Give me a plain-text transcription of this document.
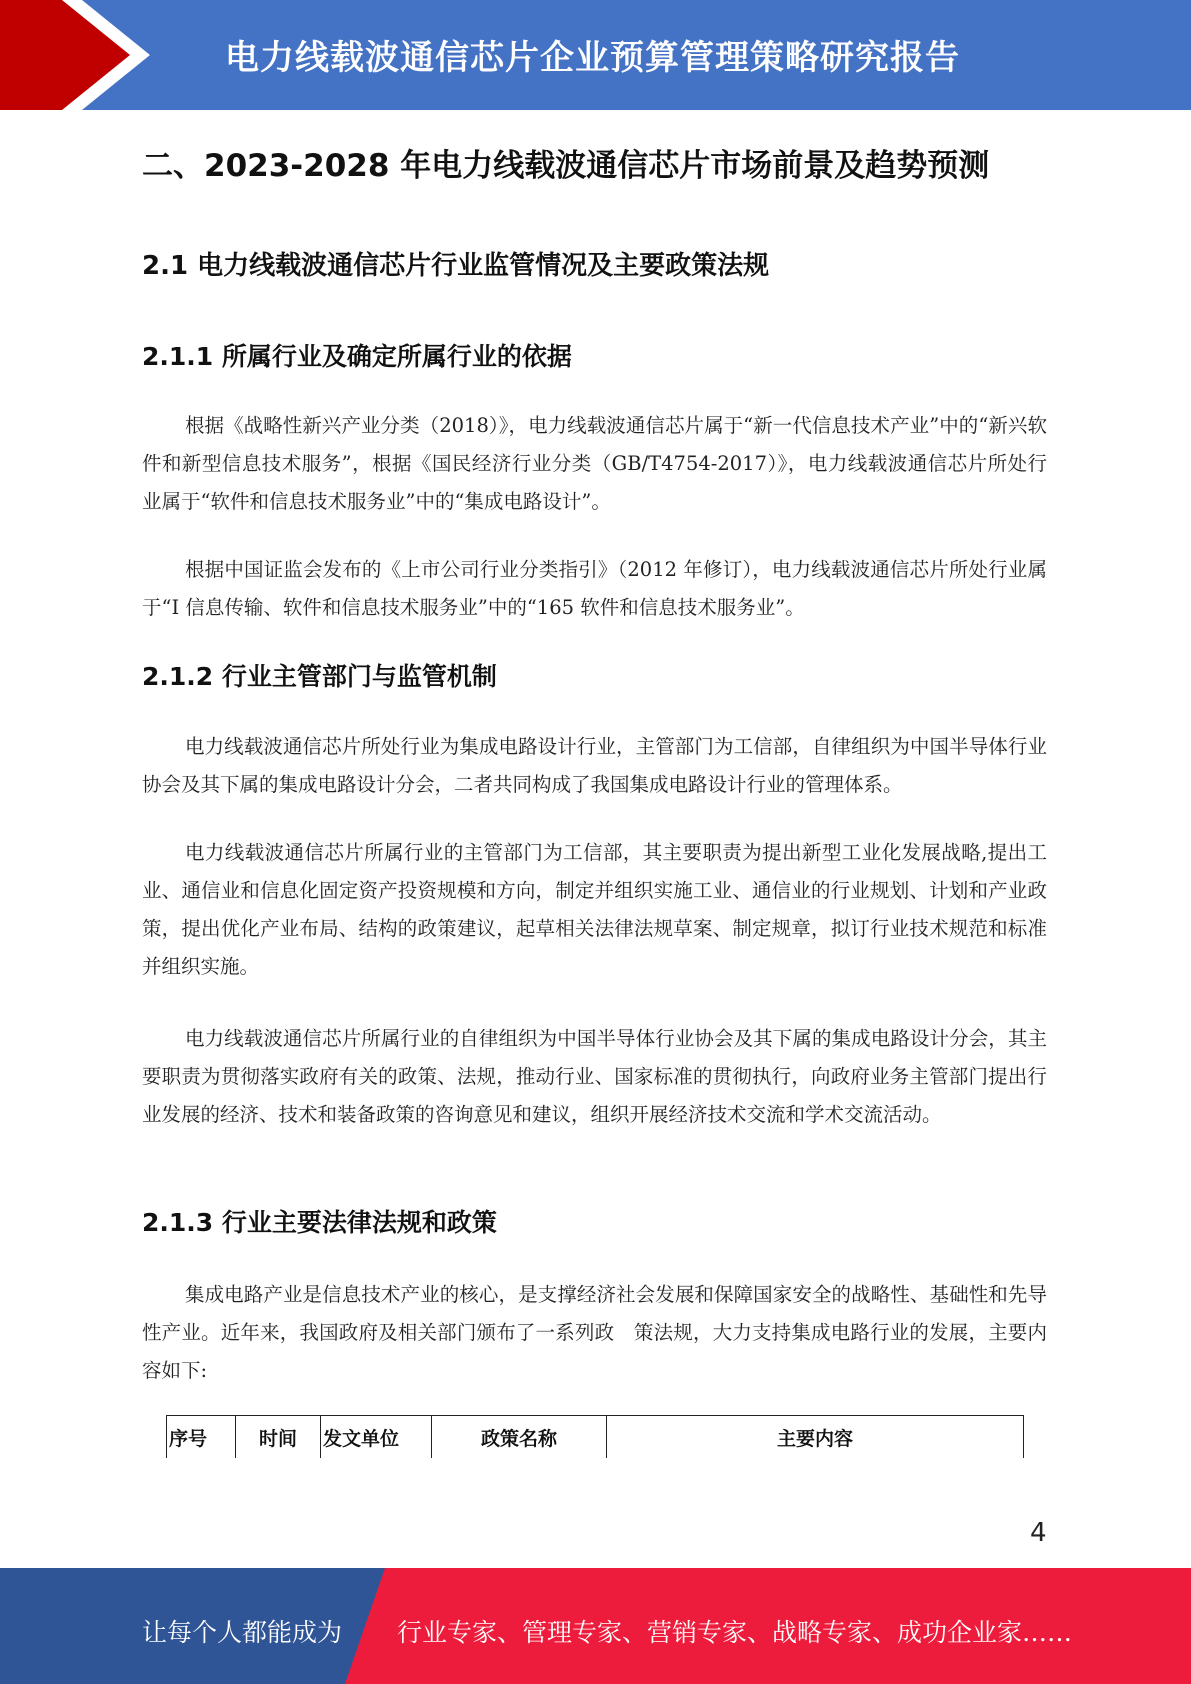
电力线载波通信芯片企业预算管理策略研究报告
二、2023-2028 年电力线载波通信芯片市场前景及趋势预测
2.1 电力线载波通信芯片行业监管情况及主要政策法规
2.1.1 所属行业及确定所属行业的依据

根据《战略性新兴产业分类（2018）》，电力线载波通信芯片属于“新一代信息技术产业”中的“新兴软件和新型信息技术服务”，根据《国民经济行业分类（GB/T4754-2017）》，电力线载波通信芯片所处行业属于“软件和信息技术服务业”中的“集成电路设计”。

根据中国证监会发布的《上市公司行业分类指引》（2012 年修订），电力线载波通信芯片所处行业属于“I 信息传输、软件和信息技术服务业”中的“165 软件和信息技术服务业”。

2.1.2 行业主管部门与监管机制

电力线载波通信芯片所处行业为集成电路设计行业，主管部门为工信部，自律组织为中国半导体行业协会及其下属的集成电路设计分会，二者共同构成了我国集成电路设计行业的管理体系。

电力线载波通信芯片所属行业的主管部门为工信部，其主要职责为提出新型工业化发展战略,提出工业、通信业和信息化固定资产投资规模和方向，制定并组织实施工业、通信业的行业规划、计划和产业政策，提出优化产业布局、结构的政策建议，起草相关法律法规草案、制定规章，拟订行业技术规范和标准并组织实施。

电力线载波通信芯片所属行业的自律组织为中国半导体行业协会及其下属的集成电路设计分会，其主要职责为贯彻落实政府有关的政策、法规，推动行业、国家标准的贯彻执行，向政府业务主管部门提出行业发展的经济、技术和装备政策的咨询意见和建议，组织开展经济技术交流和学术交流活动。

2.1.3 行业主要法律法规和政策

集成电路产业是信息技术产业的核心，是支撑经济社会发展和保障国家安全的战略性、基础性和先导性产业。近年来，我国政府及相关部门颁布了一系列政　策法规，大力支持集成电路行业的发展，主要内容如下:

序号	时间	发文单位	政策名称	主要内容
4
让每个人都能成为 行业专家、管理专家、营销专家、战略专家、成功企业家……
